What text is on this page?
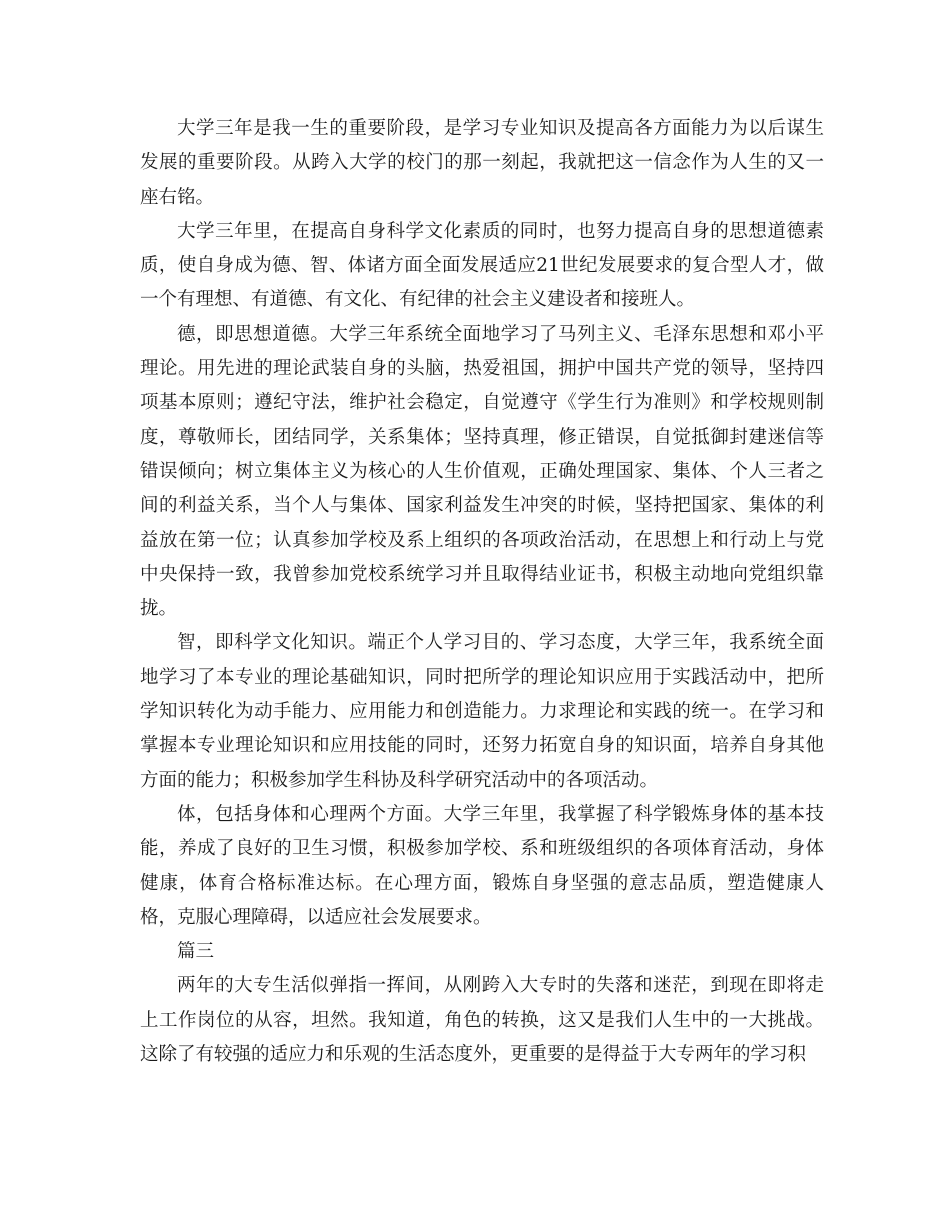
大学三年是我一生的重要阶段，是学习专业知识及提高各方面能力为以后谋生发展的重要阶段。从跨入大学的校门的那一刻起，我就把这一信念作为人生的又一座右铭。

大学三年里，在提高自身科学文化素质的同时，也努力提高自身的思想道德素质，使自身成为德、智、体诸方面全面发展适应21世纪发展要求的复合型人才，做一个有理想、有道德、有文化、有纪律的社会主义建设者和接班人。

德，即思想道德。大学三年系统全面地学习了马列主义、毛泽东思想和邓小平理论。用先进的理论武装自身的头脑，热爱祖国，拥护中国共产党的领导，坚持四项基本原则；遵纪守法，维护社会稳定，自觉遵守《学生行为准则》和学校规则制度，尊敬师长，团结同学，关系集体；坚持真理，修正错误，自觉抵御封建迷信等错误倾向；树立集体主义为核心的人生价值观，正确处理国家、集体、个人三者之间的利益关系，当个人与集体、国家利益发生冲突的时候，坚持把国家、集体的利益放在第一位；认真参加学校及系上组织的各项政治活动，在思想上和行动上与党中央保持一致，我曾参加党校系统学习并且取得结业证书，积极主动地向党组织靠拢。

智，即科学文化知识。端正个人学习目的、学习态度，大学三年，我系统全面地学习了本专业的理论基础知识，同时把所学的理论知识应用于实践活动中，把所学知识转化为动手能力、应用能力和创造能力。力求理论和实践的统一。在学习和掌握本专业理论知识和应用技能的同时，还努力拓宽自身的知识面，培养自身其他方面的能力；积极参加学生科协及科学研究活动中的各项活动。

体，包括身体和心理两个方面。大学三年里，我掌握了科学锻炼身体的基本技能，养成了良好的卫生习惯，积极参加学校、系和班级组织的各项体育活动，身体健康，体育合格标准达标。在心理方面，锻炼自身坚强的意志品质，塑造健康人格，克服心理障碍，以适应社会发展要求。

篇三

两年的大专生活似弹指一挥间，从刚跨入大专时的失落和迷茫，到现在即将走上工作岗位的从容，坦然。我知道，角色的转换，这又是我们人生中的一大挑战。这除了有较强的适应力和乐观的生活态度外，更重要的是得益于大专两年的学习积
